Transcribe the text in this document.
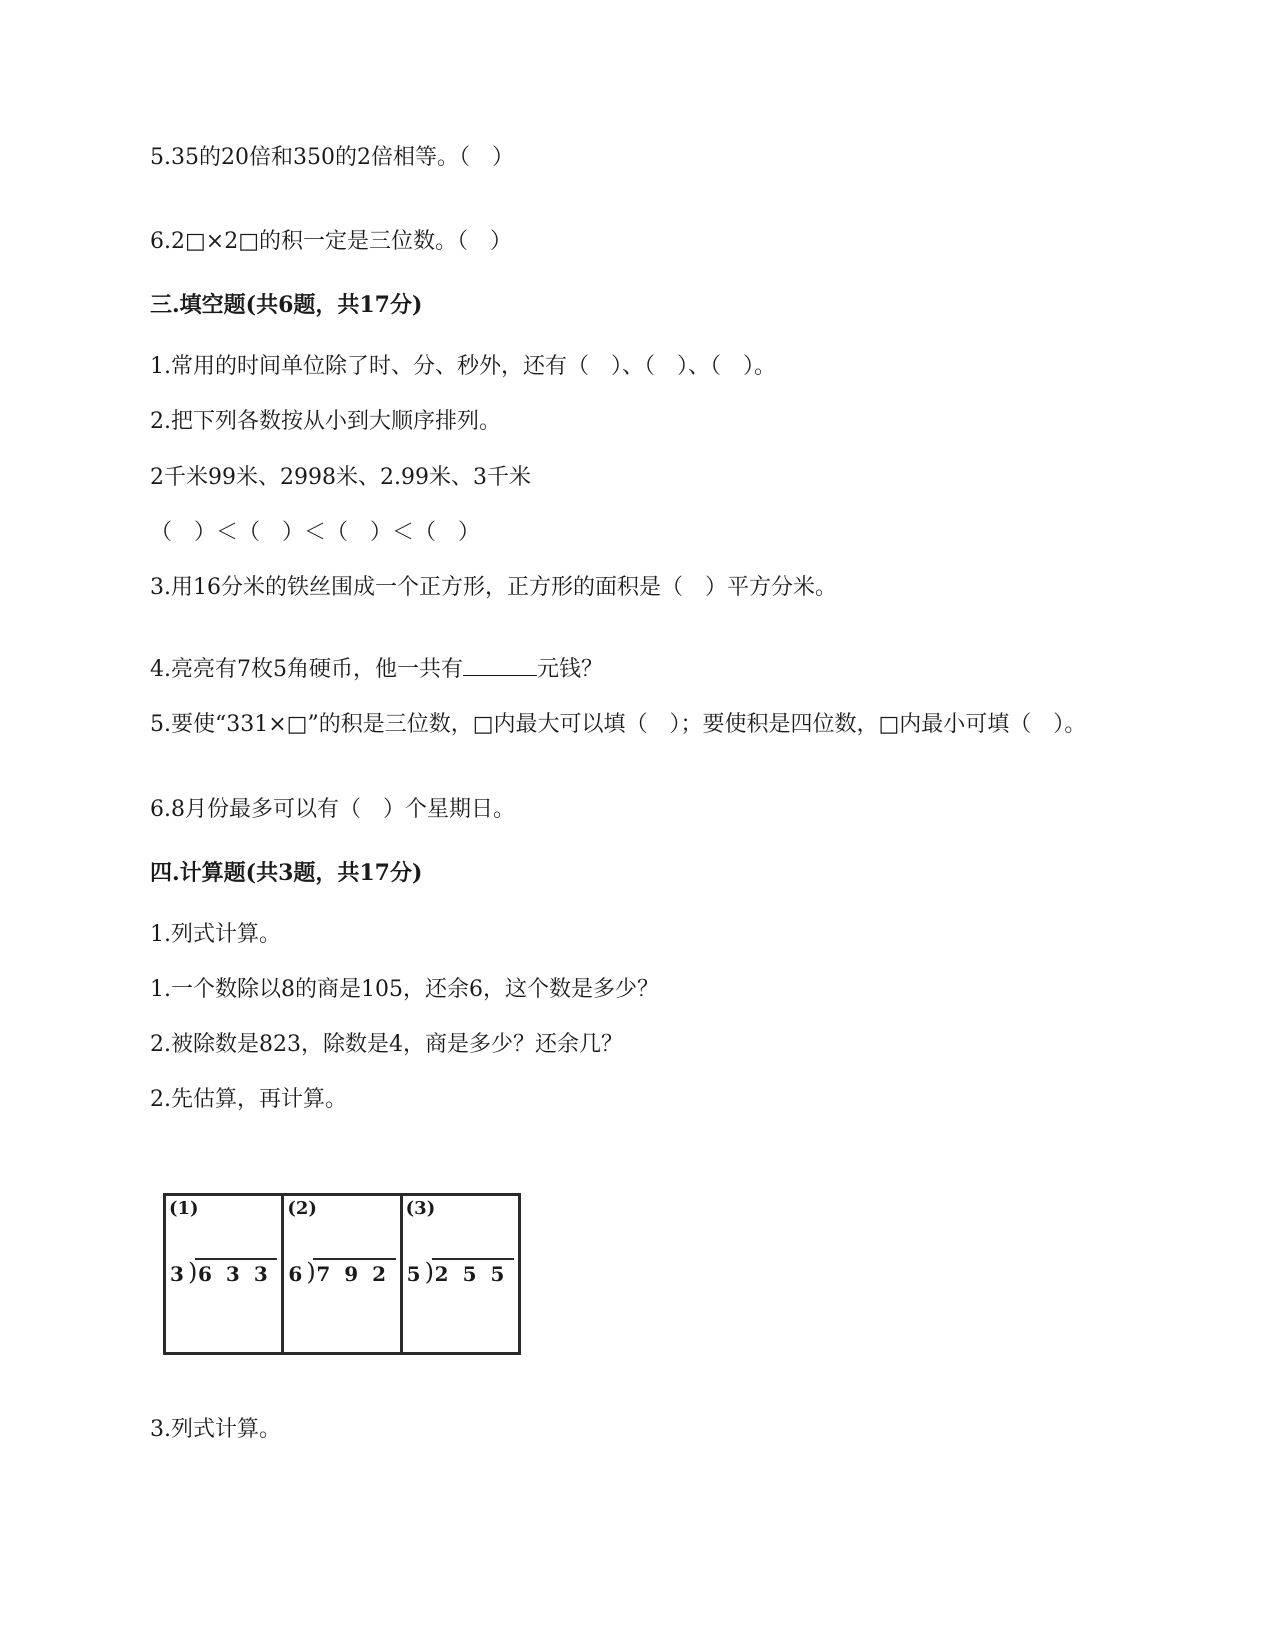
5.35的20倍和350的2倍相等。（　）
6.2□×2□的积一定是三位数。（　）
三.填空题(共6题，共17分)
1.常用的时间单位除了时、分、秒外，还有（　）、（　）、（　）。
2.把下列各数按从小到大顺序排列。
2千米99米、2998米、2.99米、3千米
（　）＜（　）＜（　）＜（　）
3.用16分米的铁丝围成一个正方形，正方形的面积是（　）平方分米。
4.亮亮有7枚5角硬币，他一共有	元钱？
5.要使“331×□”的积是三位数，□内最大可以填（　）；要使积是四位数，□内最小可填（　）。
6.8月份最多可以有（　）个星期日。
四.计算题(共3题，共17分)
1.列式计算。
1.一个数除以8的商是105，还余6，这个数是多少？
2.被除数是823，除数是4，商是多少？还余几？
2.先估算，再计算。
(1)
3 ) 633
(2)
6 ) 792
(3)
5 ) 255
3.列式计算。
